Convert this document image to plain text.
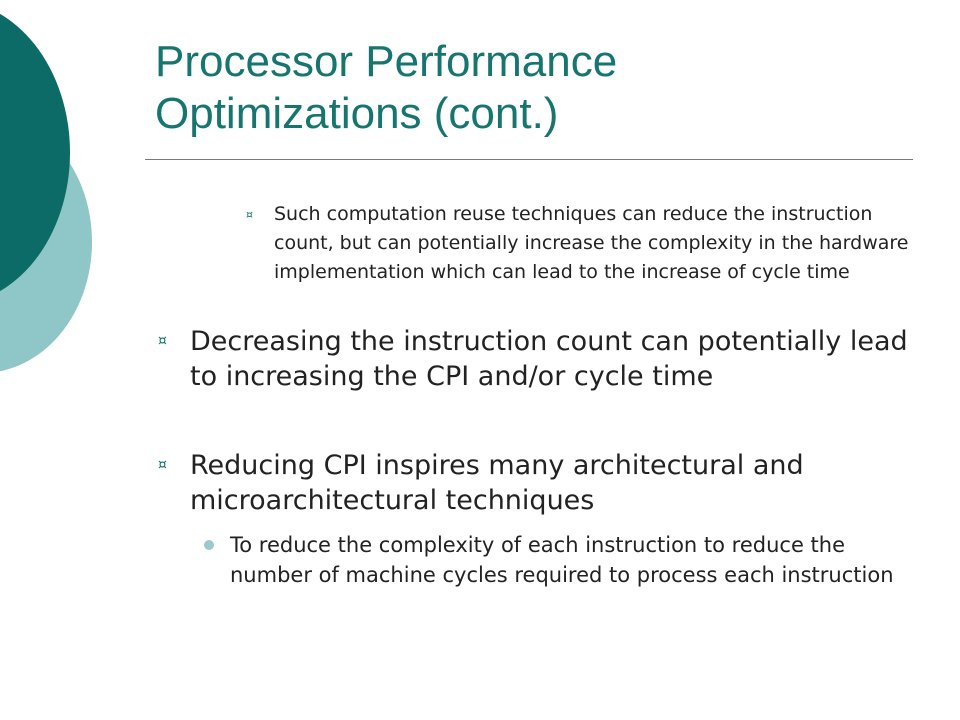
Processor Performance
Optimizations (cont.)
¤	Such computation reuse techniques can reduce the instruction count, but can potentially increase the complexity in the hardware implementation which can lead to the increase of cycle time
¤ Decreasing the instruction count can potentially lead to increasing the CPI and/or cycle time
¤ Reducing CPI inspires many architectural and microarchitectural techniques
To reduce the complexity of each instruction to reduce the number of machine cycles required to process each instruction
